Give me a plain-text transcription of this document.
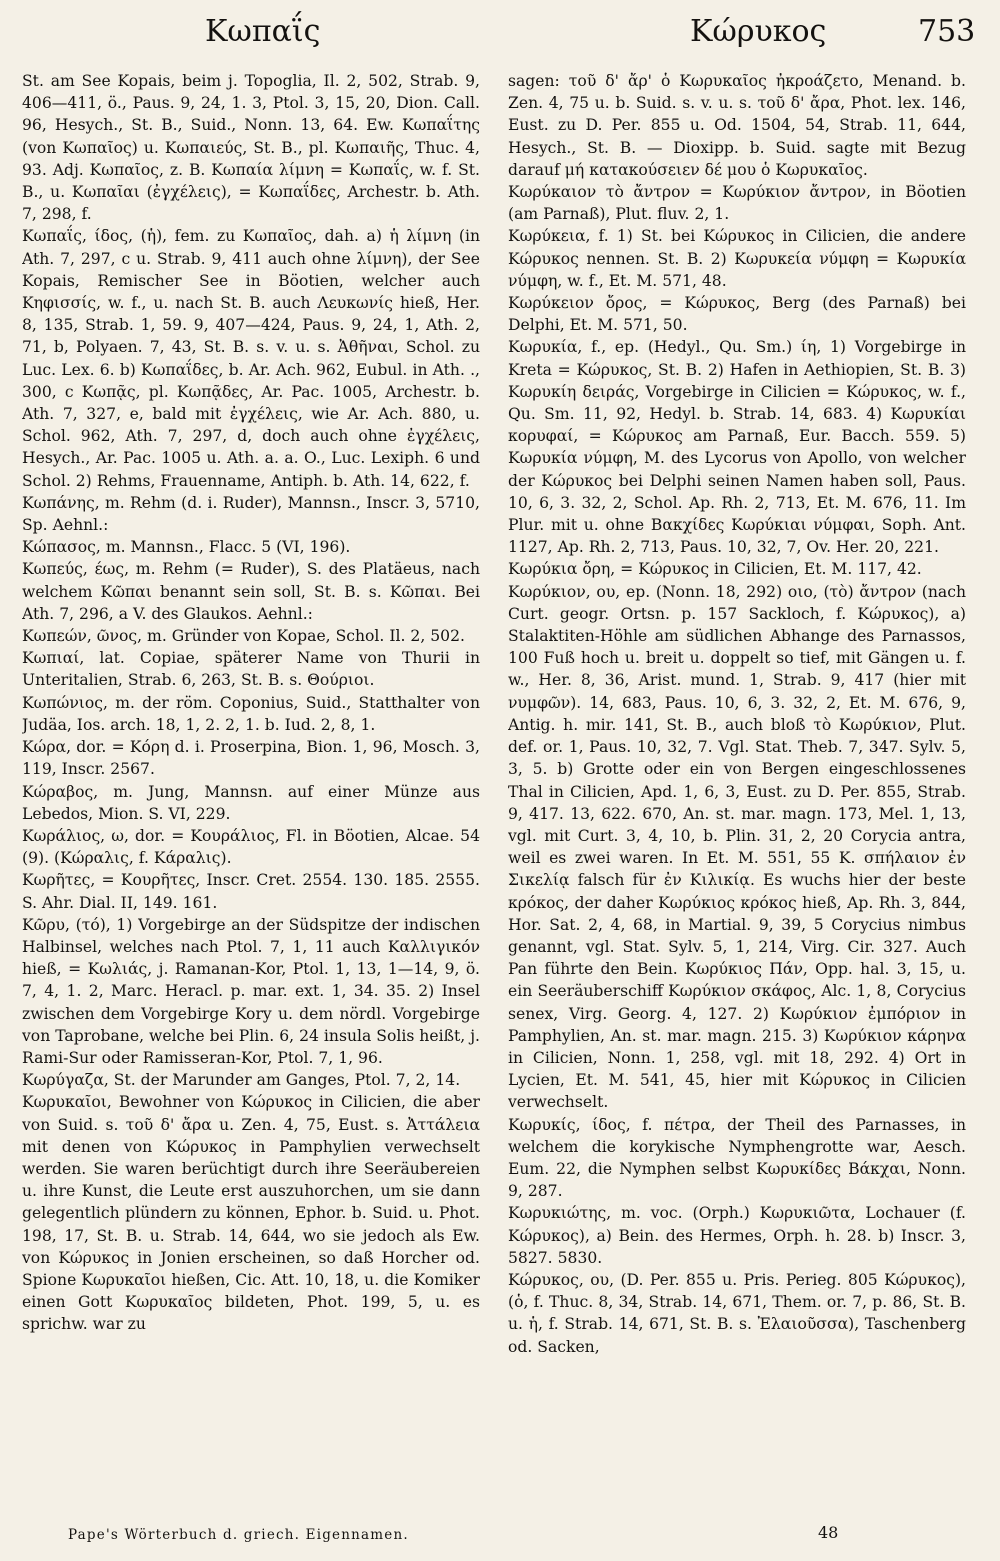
Κωπαΐς	Κώρυκος	753

St. am See Kopais, beim j. Topoglia, Il. 2, 502, Strab. 9, 406—411, ö., Paus. 9, 24, 1. 3, Ptol. 3, 15, 20, Dion. Call. 96, Hesych., St. B., Suid., Nonn. 13, 64. Ew. Κωπαΐτης (von Κωπαῖος) u. Κωπαιεύς, St. B., pl. Κωπαιῆς, Thuc. 4, 93. Adj. Κωπαῖος, z. B. Κωπαία λίμνη = Κωπαΐς, w. f. St. B., u. Κωπαῖαι (ἐγχέλεις), = Κωπαΐδες, Archestr. b. Ath. 7, 298, f.

Κωπαΐς, ίδος, (ἡ), fem. zu Κωπαῖος, dah. a) ἡ λίμνη (in Ath. 7, 297, c u. Strab. 9, 411 auch ohne λίμνη), der See Kopais, Remischer See in Böotien, welcher auch Κηφισσίς, w. f., u. nach St. B. auch Λευκωνίς hieß, Her. 8, 135, Strab. 1, 59. 9, 407—424, Paus. 9, 24, 1, Ath. 2, 71, b, Polyaen. 7, 43, St. B. s. v. u. s. Ἀθῆναι, Schol. zu Luc. Lex. 6. b) Κωπαΐδες, b. Ar. Ach. 962, Eubul. in Ath. ., 300, c Κωπᾷς, pl. Κωπᾷδες, Ar. Pac. 1005, Archestr. b. Ath. 7, 327, e, bald mit ἐγχέλεις, wie Ar. Ach. 880, u. Schol. 962, Ath. 7, 297, d, doch auch ohne ἐγχέλεις, Hesych., Ar. Pac. 1005 u. Ath. a. a. O., Luc. Lexiph. 6 und Schol. 2) Rehms, Frauenname, Antiph. b. Ath. 14, 622, f.

Κωπάνης, m. Rehm (d. i. Ruder), Mannsn., Inscr. 3, 5710, Sp. Aehnl.:

Κώπασος, m. Mannsn., Flacc. 5 (VI, 196).

Κωπεύς, έως, m. Rehm (= Ruder), S. des Platäeus, nach welchem Κῶπαι benannt sein soll, St. B. s. Κῶπαι. Bei Ath. 7, 296, a V. des Glaukos. Aehnl.:

Κωπεών, ῶνος, m. Gründer von Kopae, Schol. Il. 2, 502.

Κωπιαί, lat. Copiae, späterer Name von Thurii in Unteritalien, Strab. 6, 263, St. B. s. Θούριοι.

Κωπώνιος, m. der röm. Coponius, Suid., Statthalter von Judäa, Ios. arch. 18, 1, 2. 2, 1. b. Iud. 2, 8, 1.

Κώρα, dor. = Κόρη d. i. Proserpina, Bion. 1, 96, Mosch. 3, 119, Inscr. 2567.

Κώραβος, m. Jung, Mannsn. auf einer Münze aus Lebedos, Mion. S. VI, 229.

Κωράλιος, ω, dor. = Κουράλιος, Fl. in Böotien, Alcae. 54 (9). (Κώραλις, f. Κάραλις).

Κωρῆτες, = Κουρῆτες, Inscr. Cret. 2554. 130. 185. 2555. S. Ahr. Dial. II, 149. 161.

Κῶρυ, (τό), 1) Vorgebirge an der Südspitze der indischen Halbinsel, welches nach Ptol. 7, 1, 11 auch Καλλιγικόν hieß, = Κωλιάς, j. Ramanan-Kor, Ptol. 1, 13, 1—14, 9, ö. 7, 4, 1. 2, Marc. Heracl. p. mar. ext. 1, 34. 35. 2) Insel zwischen dem Vorgebirge Kory u. dem nördl. Vorgebirge von Taprobane, welche bei Plin. 6, 24 insula Solis heißt, j. Rami-Sur oder Ramisseran-Kor, Ptol. 7, 1, 96.

Κωρύγαζα, St. der Marunder am Ganges, Ptol. 7, 2, 14.

Κωρυκαῖοι, Bewohner von Κώρυκος in Cilicien, die aber von Suid. s. τοῦ δ' ἄρα u. Zen. 4, 75, Eust. s. Ἀττάλεια mit denen von Κώρυκος in Pamphylien verwechselt werden. Sie waren berüchtigt durch ihre Seeräubereien u. ihre Kunst, die Leute erst auszuhorchen, um sie dann gelegentlich plündern zu können, Ephor. b. Suid. u. Phot. 198, 17, St. B. u. Strab. 14, 644, wo sie jedoch als Ew. von Κώρυκος in Jonien erscheinen, so daß Horcher od. Spione Κωρυκαῖοι hießen, Cic. Att. 10, 18, u. die Komiker einen Gott Κωρυκαῖος bildeten, Phot. 199, 5, u. es sprichw. war zu

sagen: τοῦ δ' ἄρ' ὁ Κωρυκαῖος ἠκροάζετο, Menand. b. Zen. 4, 75 u. b. Suid. s. v. u. s. τοῦ δ' ἄρα, Phot. lex. 146, Eust. zu D. Per. 855 u. Od. 1504, 54, Strab. 11, 644, Hesych., St. B. — Dioxipp. b. Suid. sagte mit Bezug darauf μή κατακούσειεν δέ μου ὁ Κωρυκαῖος.

Κωρύκαιον τὸ ἄντρον = Κωρύκιον ἄντρον, in Böotien (am Parnaß), Plut. fluv. 2, 1.

Κωρύκεια, f. 1) St. bei Κώρυκος in Cilicien, die andere Κώρυκος nennen. St. B. 2) Κωρυκεία νύμφη = Κωρυκία νύμφη, w. f., Et. M. 571, 48.

Κωρύκειον ὄρος, = Κώρυκος, Berg (des Parnaß) bei Delphi, Et. M. 571, 50.

Κωρυκία, f., ep. (Hedyl., Qu. Sm.) ίη, 1) Vorgebirge in Kreta = Κώρυκος, St. B. 2) Hafen in Aethiopien, St. B. 3) Κωρυκίη δειράς, Vorgebirge in Cilicien = Κώρυκος, w. f., Qu. Sm. 11, 92, Hedyl. b. Strab. 14, 683. 4) Κωρυκίαι κορυφαί, = Κώρυκος am Parnaß, Eur. Bacch. 559. 5) Κωρυκία νύμφη, M. des Lycorus von Apollo, von welcher der Κώρυκος bei Delphi seinen Namen haben soll, Paus. 10, 6, 3. 32, 2, Schol. Ap. Rh. 2, 713, Et. M. 676, 11. Im Plur. mit u. ohne Βακχίδες Κωρύκιαι νύμφαι, Soph. Ant. 1127, Ap. Rh. 2, 713, Paus. 10, 32, 7, Ov. Her. 20, 221.

Κωρύκια ὄρη, = Κώρυκος in Cilicien, Et. M. 117, 42.

Κωρύκιον, ου, ep. (Nonn. 18, 292) οιο, (τὸ) ἄντρον (nach Curt. geogr. Ortsn. p. 157 Sackloch, f. Κώρυκος), a) Stalaktiten-Höhle am südlichen Abhange des Parnassos, 100 Fuß hoch u. breit u. doppelt so tief, mit Gängen u. f. w., Her. 8, 36, Arist. mund. 1, Strab. 9, 417 (hier mit νυμφῶν). 14, 683, Paus. 10, 6, 3. 32, 2, Et. M. 676, 9, Antig. h. mir. 141, St. B., auch bloß τὸ Κωρύκιον, Plut. def. or. 1, Paus. 10, 32, 7. Vgl. Stat. Theb. 7, 347. Sylv. 5, 3, 5. b) Grotte oder ein von Bergen eingeschlossenes Thal in Cilicien, Apd. 1, 6, 3, Eust. zu D. Per. 855, Strab. 9, 417. 13, 622. 670, An. st. mar. magn. 173, Mel. 1, 13, vgl. mit Curt. 3, 4, 10, b. Plin. 31, 2, 20 Corycia antra, weil es zwei waren. In Et. M. 551, 55 K. σπήλαιον ἐν Σικελίᾳ falsch für ἐν Κιλικίᾳ. Es wuchs hier der beste κρόκος, der daher Κωρύκιος κρόκος hieß, Ap. Rh. 3, 844, Hor. Sat. 2, 4, 68, in Martial. 9, 39, 5 Corycius nimbus genannt, vgl. Stat. Sylv. 5, 1, 214, Virg. Cir. 327. Auch Pan führte den Bein. Κωρύκιος Πάν, Opp. hal. 3, 15, u. ein Seeräuberschiff Κωρύκιον σκάφος, Alc. 1, 8, Corycius senex, Virg. Georg. 4, 127. 2) Κωρύκιον ἐμπόριον in Pamphylien, An. st. mar. magn. 215. 3) Κωρύκιον κάρηνα in Cilicien, Nonn. 1, 258, vgl. mit 18, 292. 4) Ort in Lycien, Et. M. 541, 45, hier mit Κώρυκος in Cilicien verwechselt.

Κωρυκίς, ίδος, f. πέτρα, der Theil des Parnasses, in welchem die korykische Nymphengrotte war, Aesch. Eum. 22, die Nymphen selbst Κωρυκίδες Βάκχαι, Nonn. 9, 287.

Κωρυκιώτης, m. voc. (Orph.) Κωρυκιῶτα, Lochauer (f. Κώρυκος), a) Bein. des Hermes, Orph. h. 28. b) Inscr. 3, 5827. 5830.

Κώρυκος, ου, (D. Per. 855 u. Pris. Perieg. 805 Κώρυκος), (ὁ, f. Thuc. 8, 34, Strab. 14, 671, Them. or. 7, p. 86, St. B. u. ἡ, f. Strab. 14, 671, St. B. s. Ἐλαιοῦσσα), Taschenberg od. Sacken,

Pape's Wörterbuch d. griech. Eigennamen.	48
